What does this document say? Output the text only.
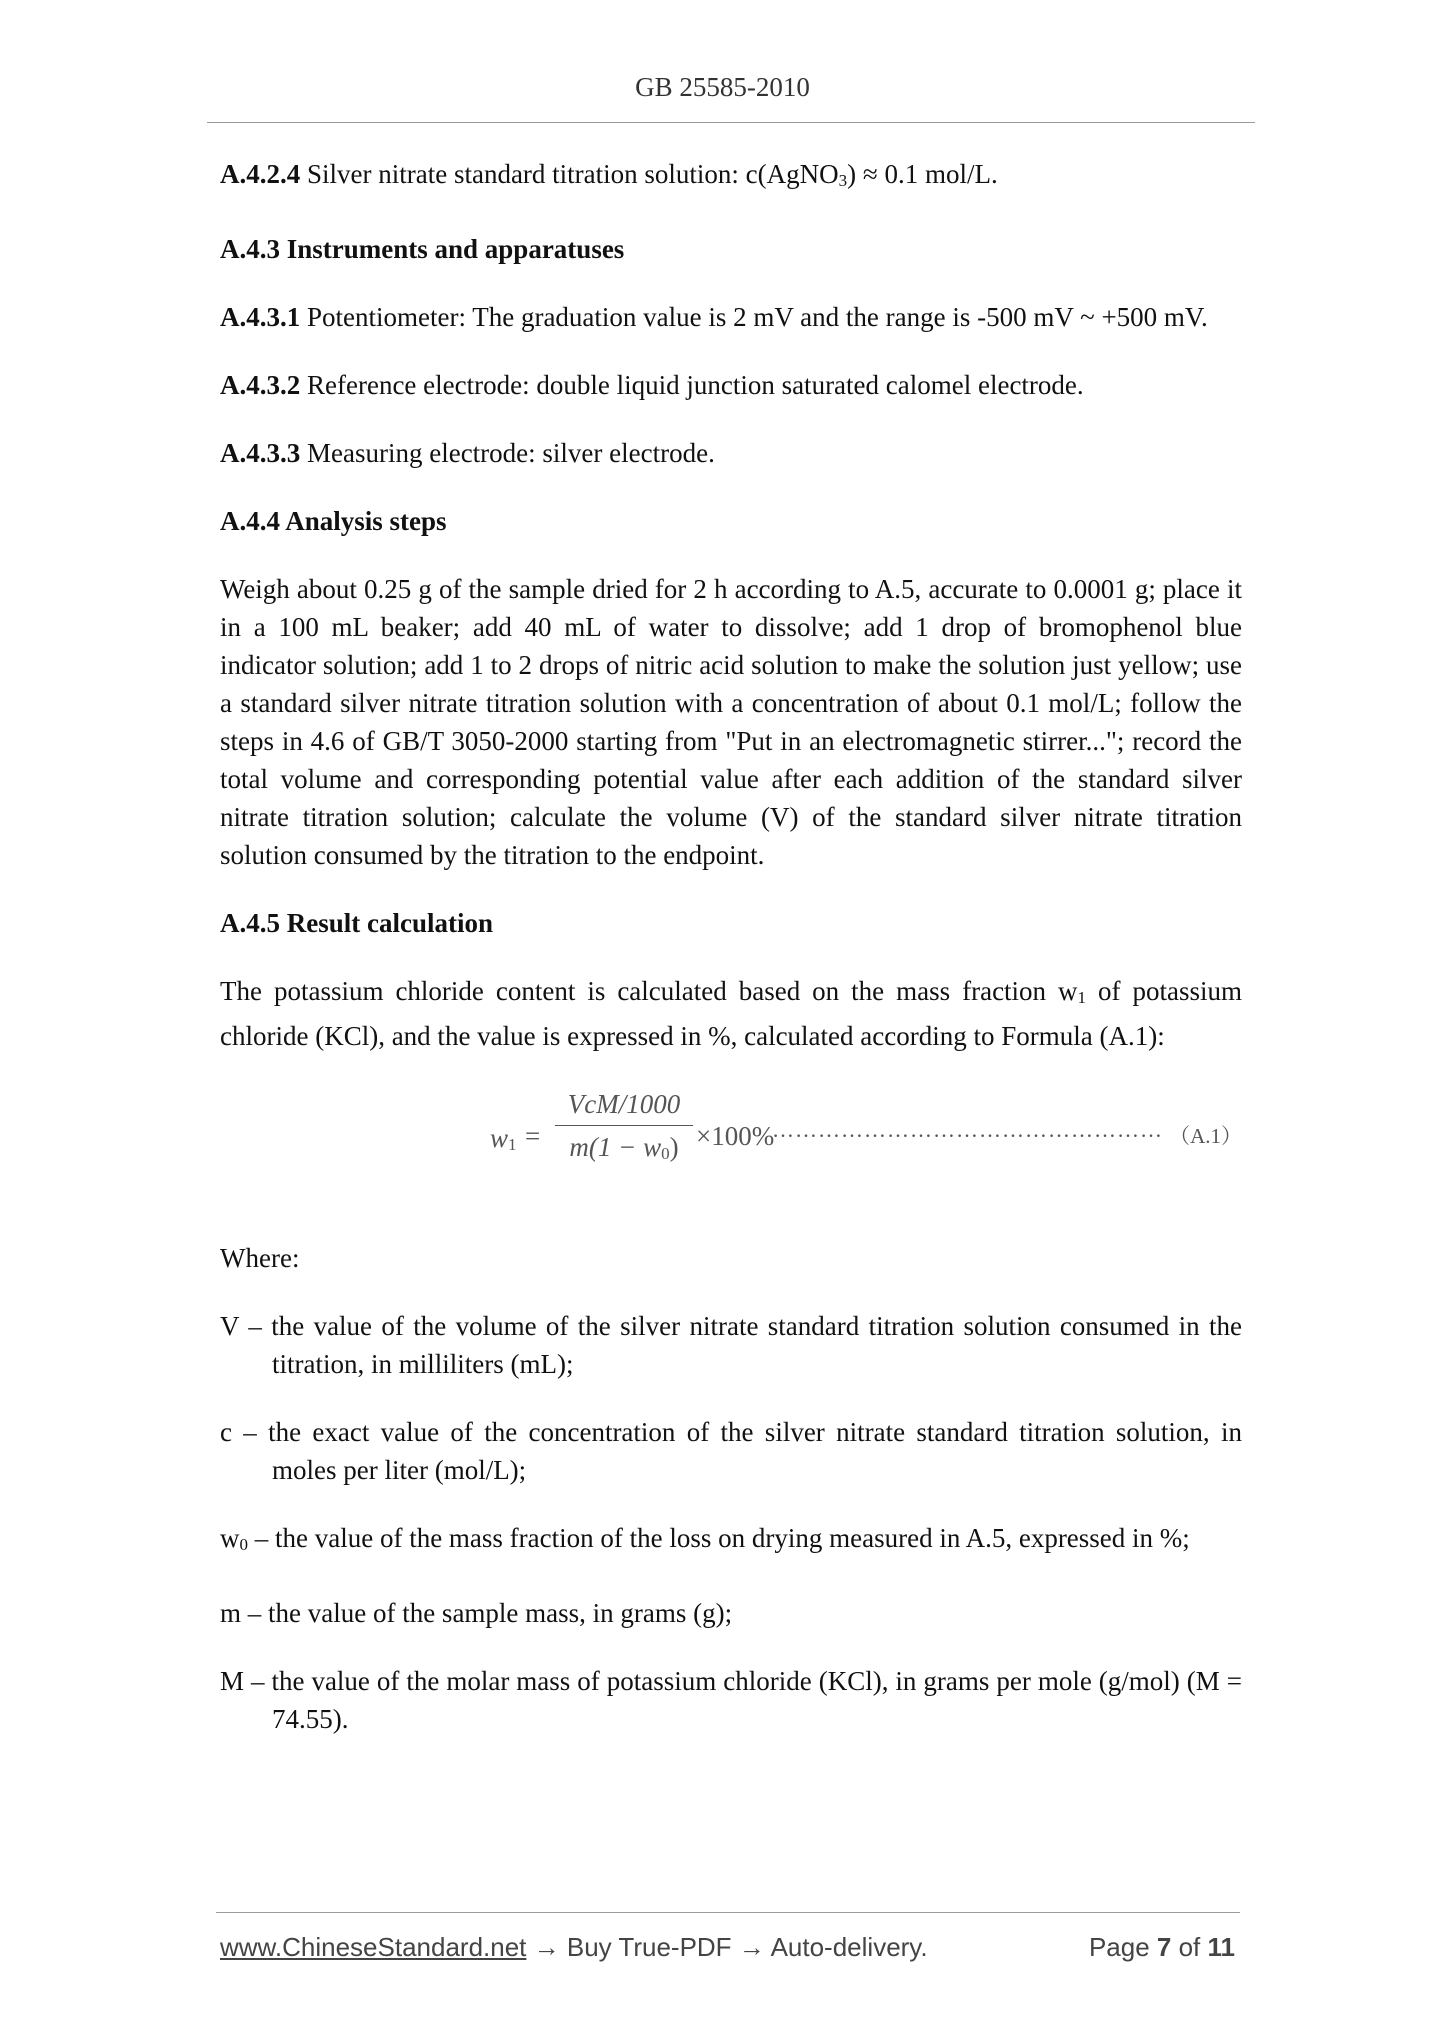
GB 25585-2010

A.4.2.4 Silver nitrate standard titration solution: c(AgNO$_3$) ≈ 0.1 mol/L.

A.4.3 Instruments and apparatuses

A.4.3.1 Potentiometer: The graduation value is 2 mV and the range is -500 mV ~ +500 mV.

A.4.3.2 Reference electrode: double liquid junction saturated calomel electrode.

A.4.3.3 Measuring electrode: silver electrode.

A.4.4 Analysis steps

Weigh about 0.25 g of the sample dried for 2 h according to A.5, accurate to 0.0001 g; place it in a 100 mL beaker; add 40 mL of water to dissolve; add 1 drop of bromophenol blue indicator solution; add 1 to 2 drops of nitric acid solution to make the solution just yellow; use a standard silver nitrate titration solution with a concentration of about 0.1 mol/L; follow the steps in 4.6 of GB/T 3050-2000 starting from "Put in an electromagnetic stirrer..."; record the total volume and corresponding potential value after each addition of the standard silver nitrate titration solution; calculate the volume (V) of the standard silver nitrate titration solution consumed by the titration to the endpoint.

A.4.5 Result calculation

The potassium chloride content is calculated based on the mass fraction $w_1$ of potassium chloride (KCl), and the value is expressed in %, calculated according to Formula (A.1):

$w_1$ =
VcM/1000
$m(1 - w_0) \times 100\%$
…………………………………………… （A.1）

Where:

V – the value of the volume of the silver nitrate standard titration solution consumed in the titration, in milliliters (mL);

c – the exact value of the concentration of the silver nitrate standard titration solution, in moles per liter (mol/L);

$w_0$ – the value of the mass fraction of the loss on drying measured in A.5, expressed in %;

m – the value of the sample mass, in grams (g);

M – the value of the molar mass of potassium chloride (KCl), in grams per mole (g/mol) (M = 74.55).

www.ChineseStandard.net → Buy True-PDF → Auto-delivery.	Page 7 of 11
